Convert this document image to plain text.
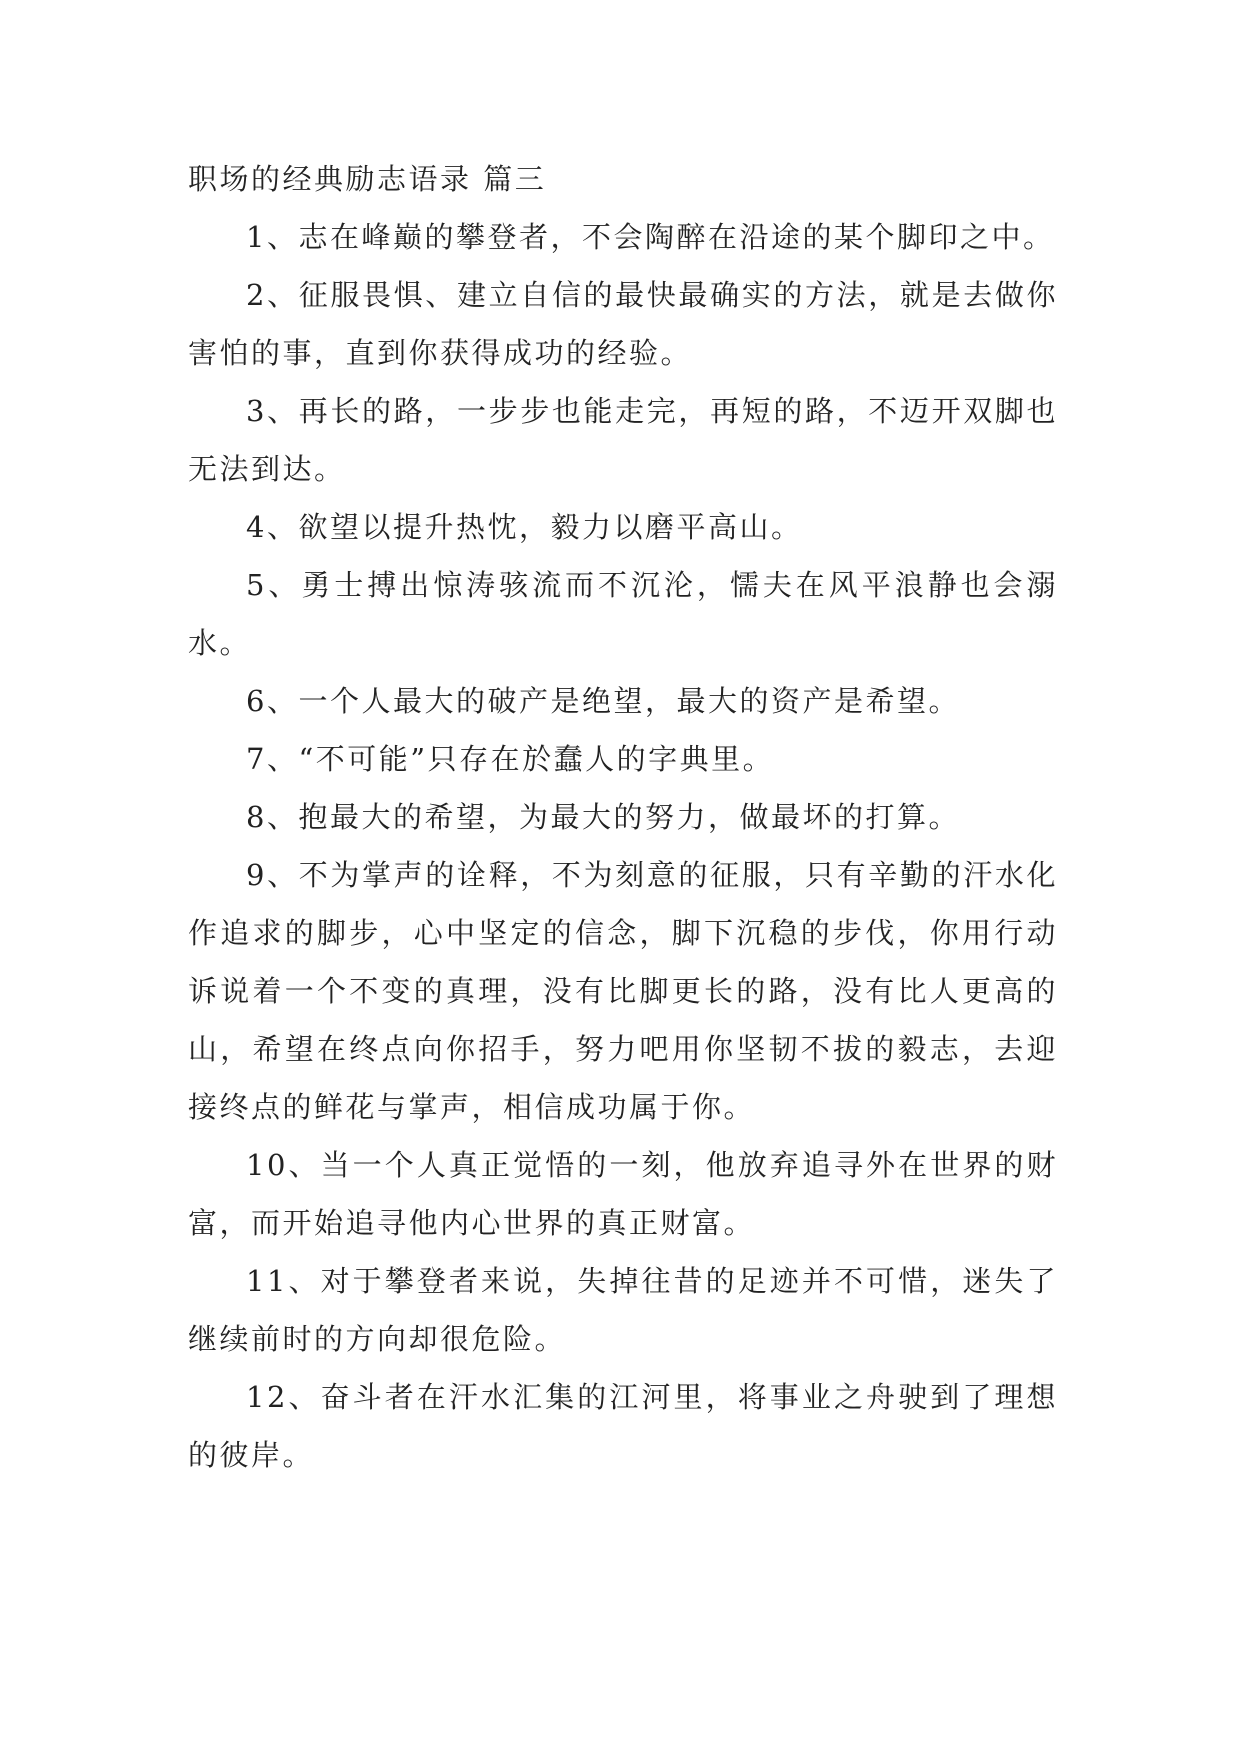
职场的经典励志语录 篇三

1、志在峰巅的攀登者，不会陶醉在沿途的某个脚印之中。

2、征服畏惧、建立自信的最快最确实的方法，就是去做你害怕的事，直到你获得成功的经验。

3、再长的路，一步步也能走完，再短的路，不迈开双脚也无法到达。

4、欲望以提升热忱，毅力以磨平高山。

5、勇士搏出惊涛骇流而不沉沦，懦夫在风平浪静也会溺水。

6、一个人最大的破产是绝望，最大的资产是希望。

7、“不可能”只存在於蠢人的字典里。

8、抱最大的希望，为最大的努力，做最坏的打算。

9、不为掌声的诠释，不为刻意的征服，只有辛勤的汗水化作追求的脚步，心中坚定的信念，脚下沉稳的步伐，你用行动诉说着一个不变的真理，没有比脚更长的路，没有比人更高的山，希望在终点向你招手，努力吧用你坚韧不拔的毅志，去迎接终点的鲜花与掌声，相信成功属于你。

10、当一个人真正觉悟的一刻，他放弃追寻外在世界的财富，而开始追寻他内心世界的真正财富。

11、对于攀登者来说，失掉往昔的足迹并不可惜，迷失了继续前时的方向却很危险。

12、奋斗者在汗水汇集的江河里，将事业之舟驶到了理想的彼岸。
